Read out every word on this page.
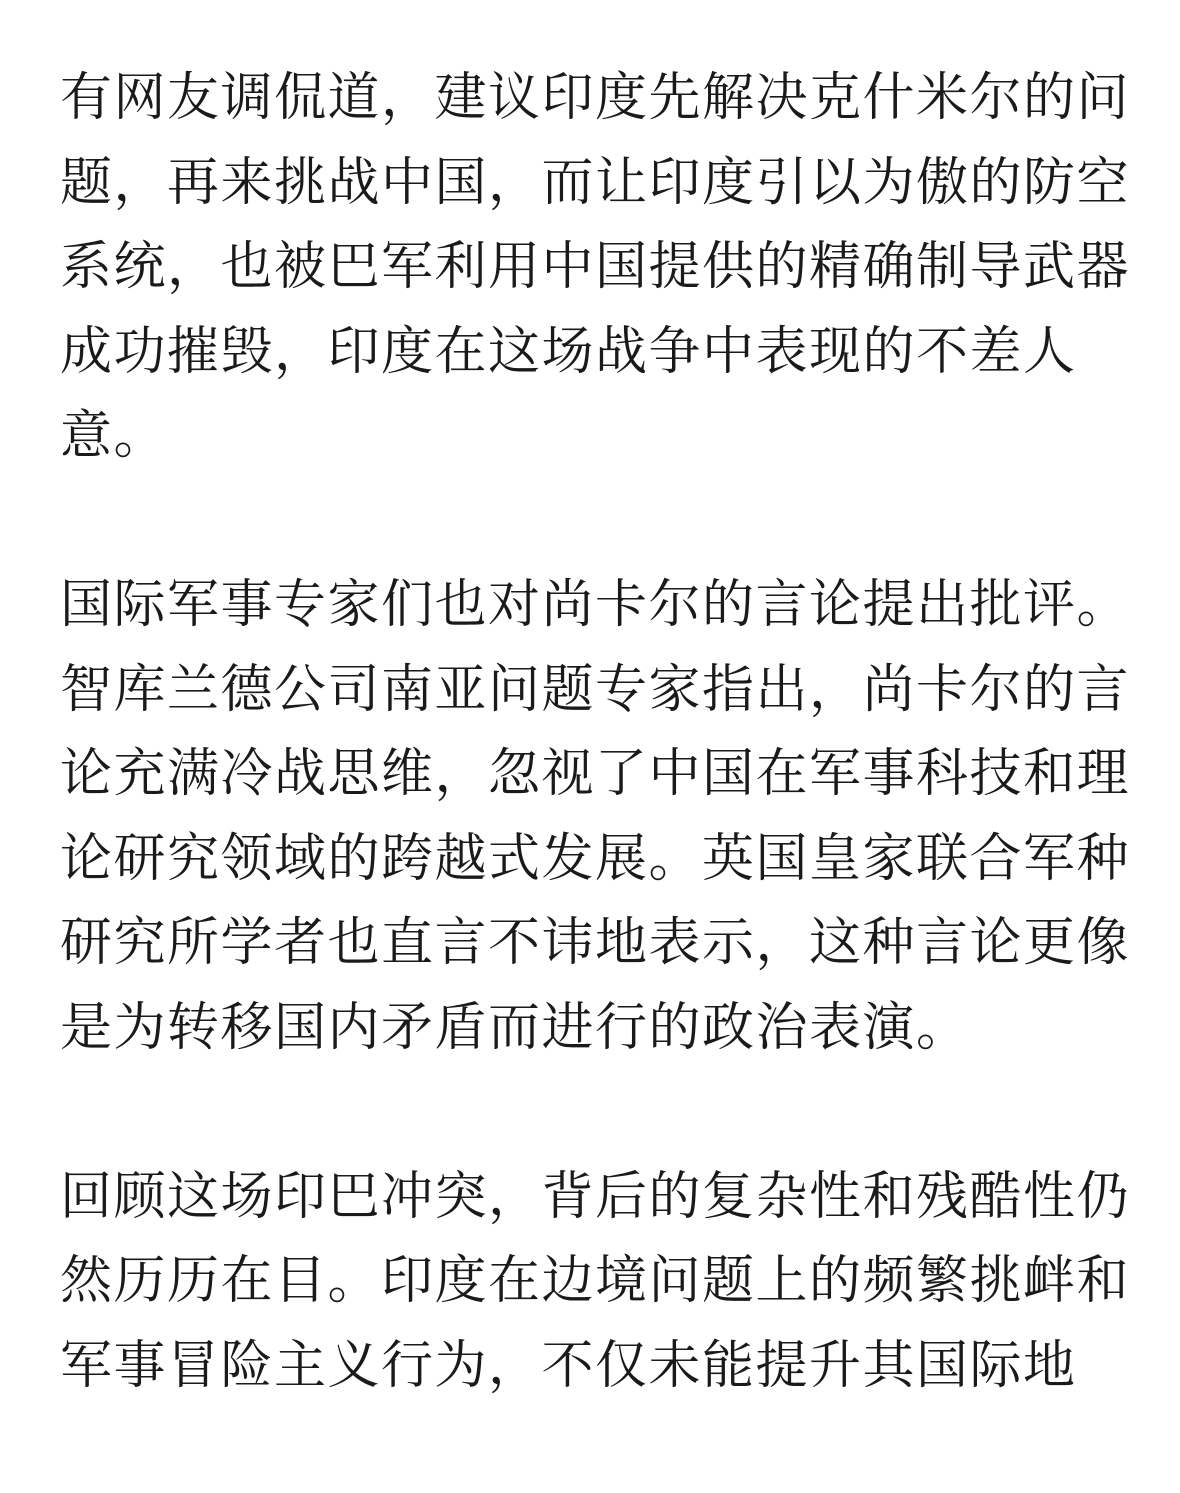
有网友调侃道，建议印度先解决克什米尔的问
题，再来挑战中国，而让印度引以为傲的防空
系统，也被巴军利用中国提供的精确制导武器
成功摧毁，印度在这场战争中表现的不差人
意。
国际军事专家们也对尚卡尔的言论提出批评。
智库兰德公司南亚问题专家指出，尚卡尔的言
论充满冷战思维，忽视了中国在军事科技和理
论研究领域的跨越式发展。英国皇家联合军种
研究所学者也直言不讳地表示，这种言论更像
是为转移国内矛盾而进行的政治表演。
回顾这场印巴冲突，背后的复杂性和残酷性仍
然历历在目。印度在边境问题上的频繁挑衅和
军事冒险主义行为，不仅未能提升其国际地
